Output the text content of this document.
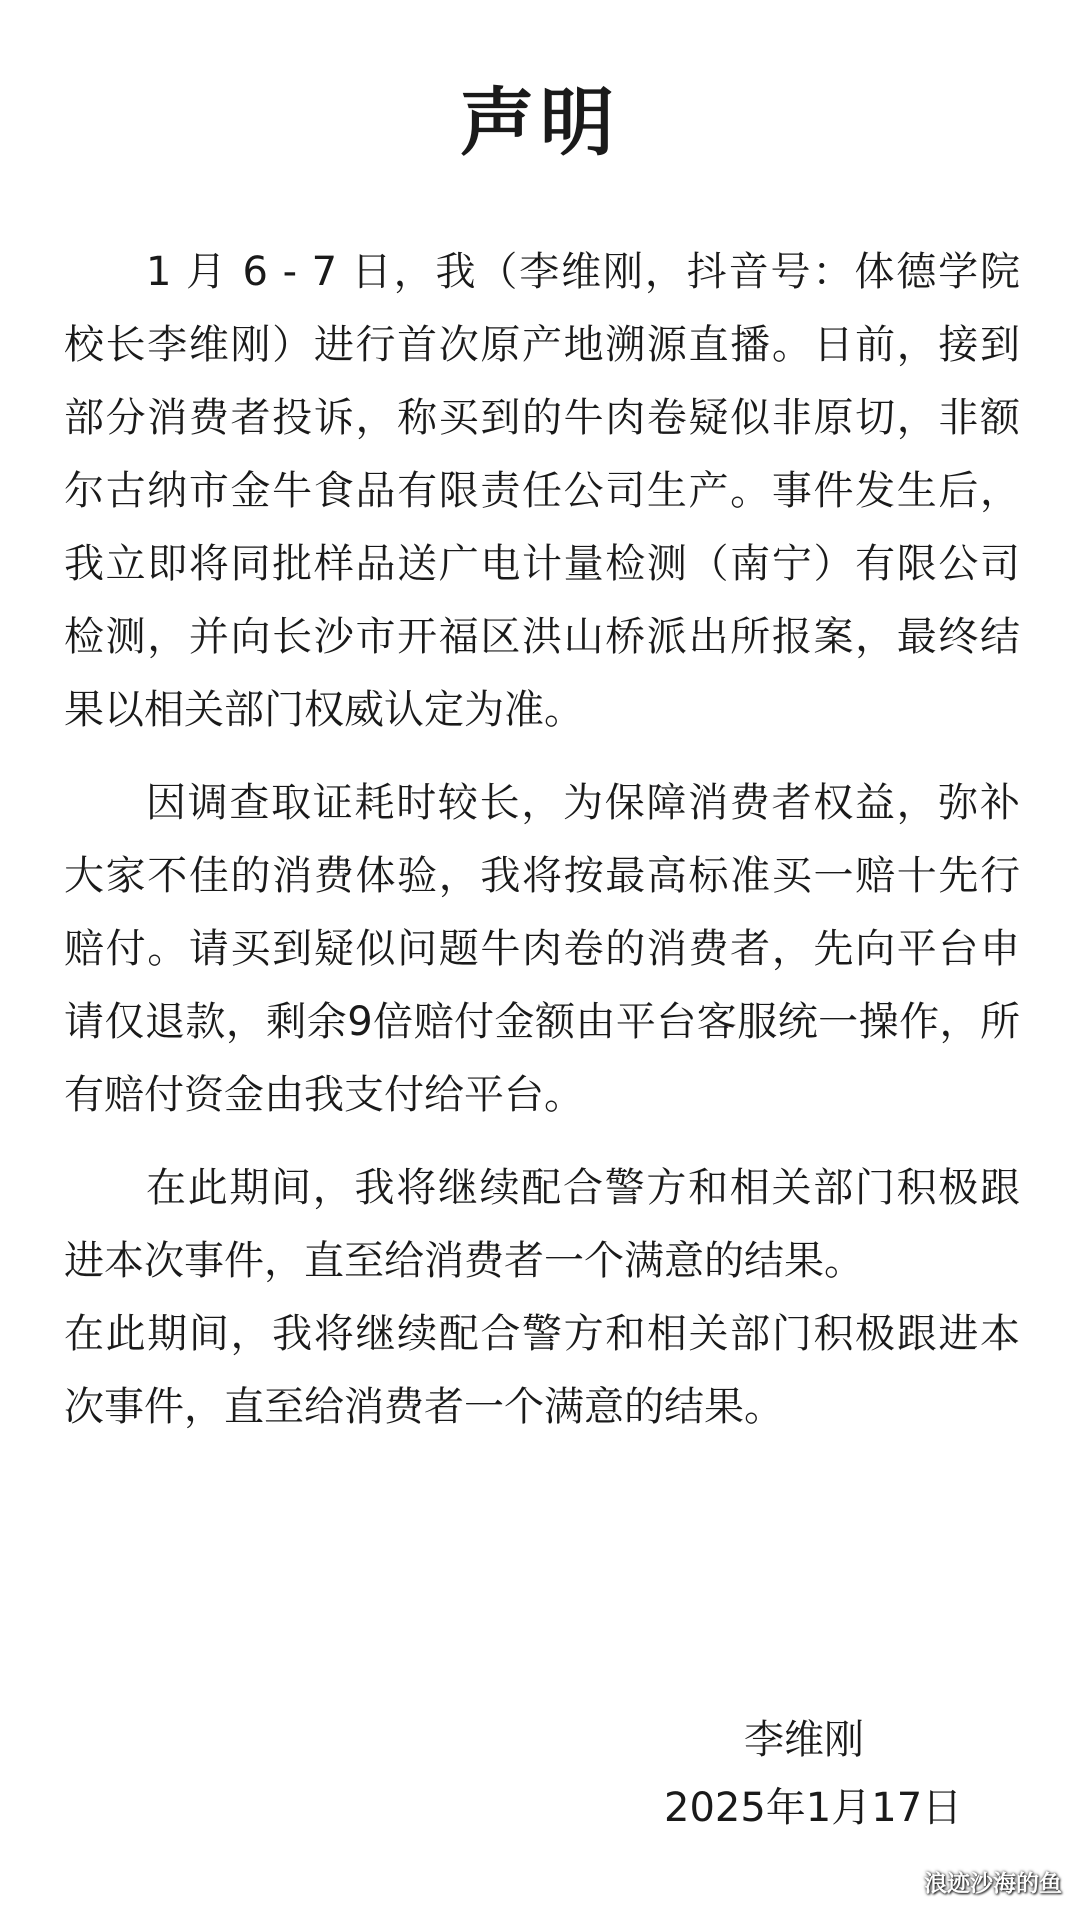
声明

1 月 6 - 7 日，我（李维刚，抖音号：体德学院校长李维刚）进行首次原产地溯源直播。日前，接到部分消费者投诉，称买到的牛肉卷疑似非原切，非额尔古纳市金牛食品有限责任公司生产。事件发生后，我立即将同批样品送广电计量检测（南宁）有限公司检测，并向长沙市开福区洪山桥派出所报案，最终结果以相关部门权威认定为准。

因调查取证耗时较长，为保障消费者权益，弥补大家不佳的消费体验，我将按最高标准买一赔十先行赔付。请买到疑似问题牛肉卷的消费者，先向平台申请仅退款，剩余9倍赔付金额由平台客服统一操作，所有赔付资金由我支付给平台。

在此期间，我将继续配合警方和相关部门积极跟进本次事件，直至给消费者一个满意的结果。

在此期间，我将继续配合警方和相关部门积极跟进本次事件，直至给消费者一个满意的结果。

李维刚
2025年1月17日
浪迹沙海的鱼
